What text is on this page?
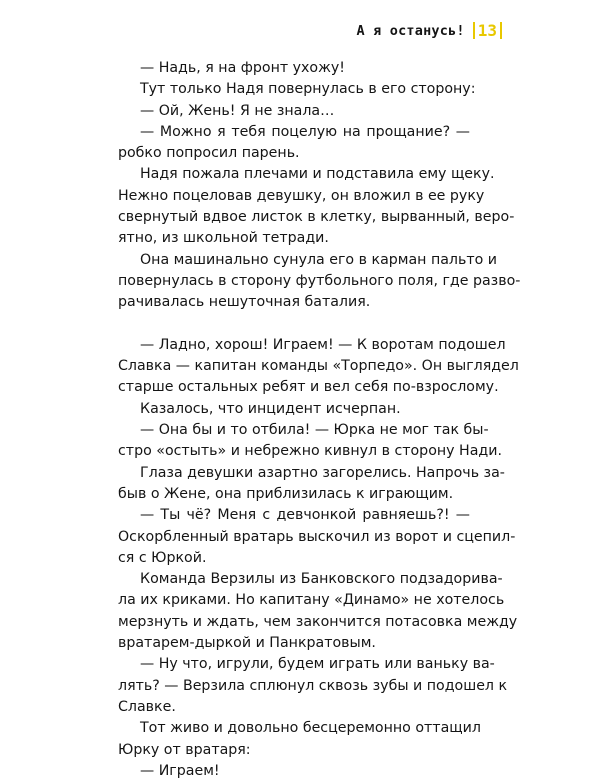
А я останусь! 13
— Надь, я на фронт ухожу!
Тут только Надя повернулась в его сторону:
— Ой, Жень! Я не знала…
— Можно я тебя поцелую на прощание? —
робко попросил парень.
Надя пожала плечами и подставила ему щеку.
Нежно поцеловав девушку, он вложил в ее руку
свернутый вдвое листок в клетку, вырванный, веро-
ятно, из школьной тетради.
Она машинально сунула его в карман пальто и
повернулась в сторону футбольного поля, где разво-
рачивалась нешуточная баталия.
— Ладно, хорош! Играем! — К воротам подошел
Славка — капитан команды «Торпедо». Он выглядел
старше остальных ребят и вел себя по-взрослому.
Казалось, что инцидент исчерпан.
— Она бы и то отбила! — Юрка не мог так бы-
стро «остыть» и небрежно кивнул в сторону Нади.
Глаза девушки азартно загорелись. Напрочь за-
быв о Жене, она приблизилась к играющим.
— Ты чё? Меня с девчонкой равняешь?! —
Оскорбленный вратарь выскочил из ворот и сцепил-
ся с Юркой.
Команда Верзилы из Банковского подзадорива-
ла их криками. Но капитану «Динамо» не хотелось
мерзнуть и ждать, чем закончится потасовка между
вратарем-дыркой и Панкратовым.
— Ну что, игрули, будем играть или ваньку ва-
лять? — Верзила сплюнул сквозь зубы и подошел к
Славке.
Тот живо и довольно бесцеремонно оттащил
Юрку от вратаря:
— Играем!
